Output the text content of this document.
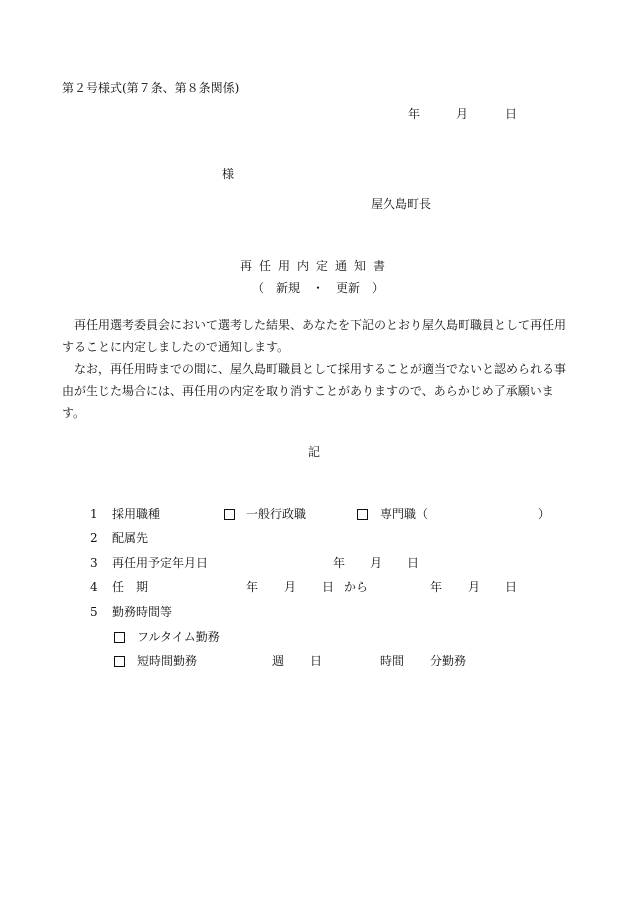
第２号様式(第７条、第８条関係)
年	月	日
様
屋久島町長
再任用内定通知書
（　新規　・　更新　）

再任用選考委員会において選考した結果、あなたを下記のとおり屋久島町職員として再任用することに内定しましたので通知します。

なお，再任用時までの間に、屋久島町職員として採用することが適当でないと認められる事由が生じた場合には、再任用の内定を取り消すことがありますので、あらかじめ了承願います。

記
1 採用職種	一般行政職	専門職（	）
2 配属先
3 再任用予定年月日	年 月 日
4 任　期	年 月 日 から	年 月 日
5 勤務時間等
フルタイム勤務
短時間勤務	週 日	時間 分勤務
